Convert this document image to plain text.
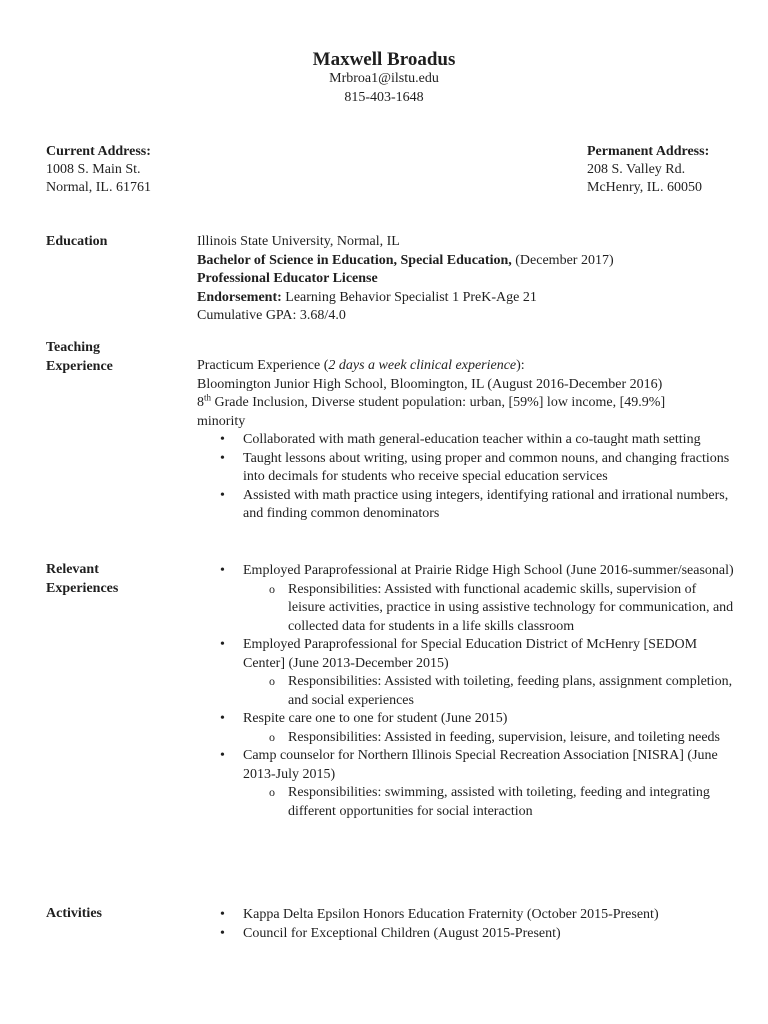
Maxwell Broadus
Mrbroa1@ilstu.edu
815-403-1648
Current Address:
1008 S. Main St.
Normal, IL. 61761
Permanent Address:
208 S. Valley Rd.
McHenry, IL. 60050
Education	Illinois State University, Normal, IL
Bachelor of Science in Education, Special Education, (December 2017)
Professional Educator License
Endorsement: Learning Behavior Specialist 1 PreK-Age 21
Cumulative GPA: 3.68/4.0
Teaching
Experience	Practicum Experience (2 days a week clinical experience):
Bloomington Junior High School, Bloomington, IL (August 2016-December 2016)
8th Grade Inclusion, Diverse student population: urban, [59%] low income, [49.9%]
minority
• Collaborated with math general-education teacher within a co-taught math setting
• Taught lessons about writing, using proper and common nouns, and changing fractions into decimals for students who receive special education services
• Assisted with math practice using integers, identifying rational and irrational numbers, and finding common denominators
Relevant
Experiences
• Employed Paraprofessional at Prairie Ridge High School (June 2016-summer/seasonal)
o Responsibilities: Assisted with functional academic skills, supervision of leisure activities, practice in using assistive technology for communication, and collected data for students in a life skills classroom
• Employed Paraprofessional for Special Education District of McHenry [SEDOM Center] (June 2013-December 2015)
o Responsibilities: Assisted with toileting, feeding plans, assignment completion, and social experiences
• Respite care one to one for student (June 2015)
o Responsibilities: Assisted in feeding, supervision, leisure, and toileting needs
• Camp counselor for Northern Illinois Special Recreation Association [NISRA] (June 2013-July 2015)
o Responsibilities: swimming, assisted with toileting, feeding and integrating different opportunities for social interaction
Activities
•	Kappa Delta Epsilon Honors Education Fraternity (October 2015-Present)
• Council for Exceptional Children (August 2015-Present)
